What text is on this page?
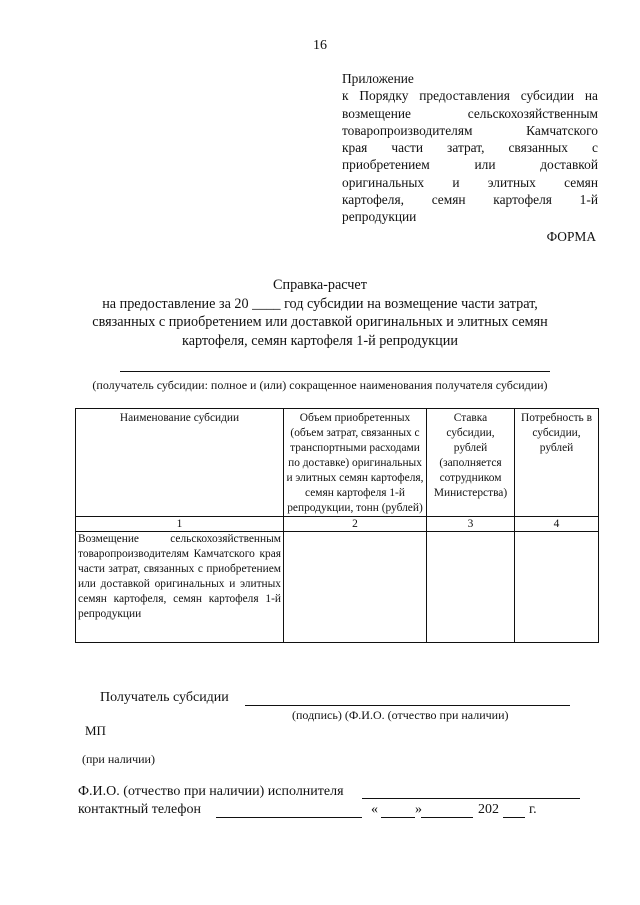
16
Приложение
к Порядку предоставления субсидии на
возмещение сельскохозяйственным
товаропроизводителям Камчатского
края части затрат, связанных с
приобретением или доставкой
оригинальных и элитных семян
картофеля, семян картофеля 1-й
репродукции
ФОРМА
Справка-расчет
на предоставление за 20 ____ год субсидии на возмещение части затрат,
связанных с приобретением или доставкой оригинальных и элитных семян
картофеля, семян картофеля 1-й репродукции
(получатель субсидии: полное и (или) сокращенное наименования получателя субсидии)
Наименование субсидии	Объем приобретенных (объем затрат, связанных с транспортными расходами по доставке) оригинальных и элитных семян картофеля, семян картофеля 1-й репродукции, тонн (рублей)	Ставка субсидии, рублей (заполняется сотрудником Министерства)	Потребность в субсидии, рублей
1	2	3	4
Возмещение сельскохозяйственным товаропроизводителям Камчатского края части затрат, связанных с приобретением или доставкой оригинальных и элитных семян картофеля, семян картофеля 1-й репродукции			
Получатель субсидии
(подпись) (Ф.И.О. (отчество при наличии)
МП
(при наличии)
Ф.И.О. (отчество при наличии) исполнителя
контактный телефон	«	»	202 г.
